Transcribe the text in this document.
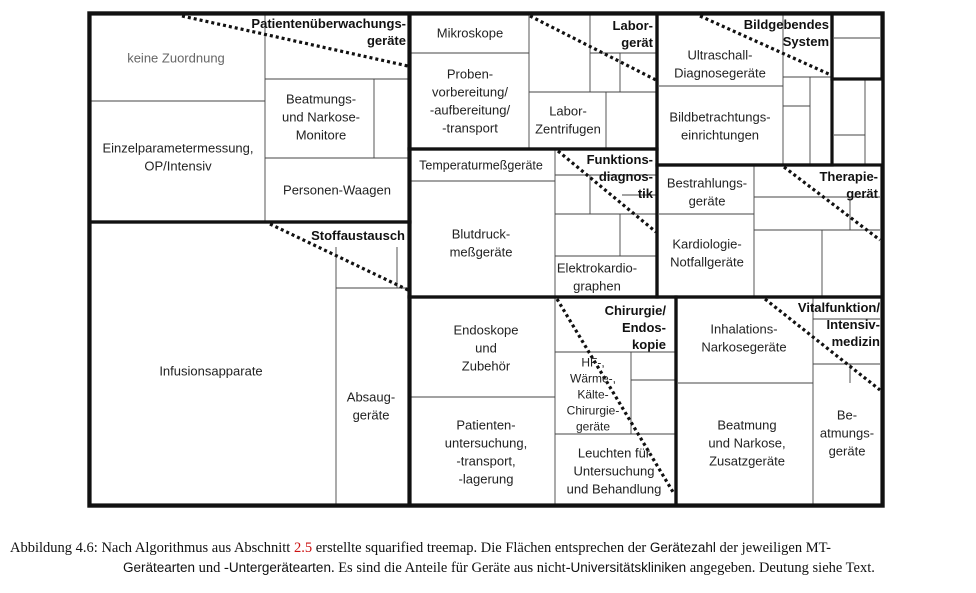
Patientenüberwachungs-geräte
Labor-gerät
Bildgebendes System
Stoffaustausch
Funktions-diagnos-tik
Therapie-gerät
Chirurgie/ Endos-kopie
Vitalfunktion/ Intensiv-medizin
keine Zuordnung
Einzelparametermessung, OP/Intensiv
Beatmungs-und Narkose-Monitore
Personen-Waagen
Mikroskope
Proben-vorbereitung/ -aufbereitung/ -transport
Labor-Zentrifugen
Ultraschall-Diagnosegeräte
Bildbetrachtungs-einrichtungen
Infusionsapparate
Absaug-geräte
Temperaturmeßgeräte
Blutdruck-meßgeräte
Elektrokardio-graphen
Bestrahlungs-geräte
Kardiologie-Notfallgeräte
Endoskope und Zubehör
Patienten-untersuchung, -transport, -lagerung
HF-, Wärme-, Kälte-Chirurgie-geräte
Leuchten für Untersuchung und Behandlung
Inhalations-Narkosegeräte
Beatmung und Narkose, Zusatzgeräte
Be-atmungs-geräte
Abbildung 4.6: Nach Algorithmus aus Abschnitt 2.5 erstellte squarified treemap. Die Flächen entsprechen der Gerätezahl der jeweiligen MT-
Gerätearten und -Untergerätearten. Es sind die Anteile für Geräte aus nicht-Universitätskliniken angegeben. Deutung siehe Text.
